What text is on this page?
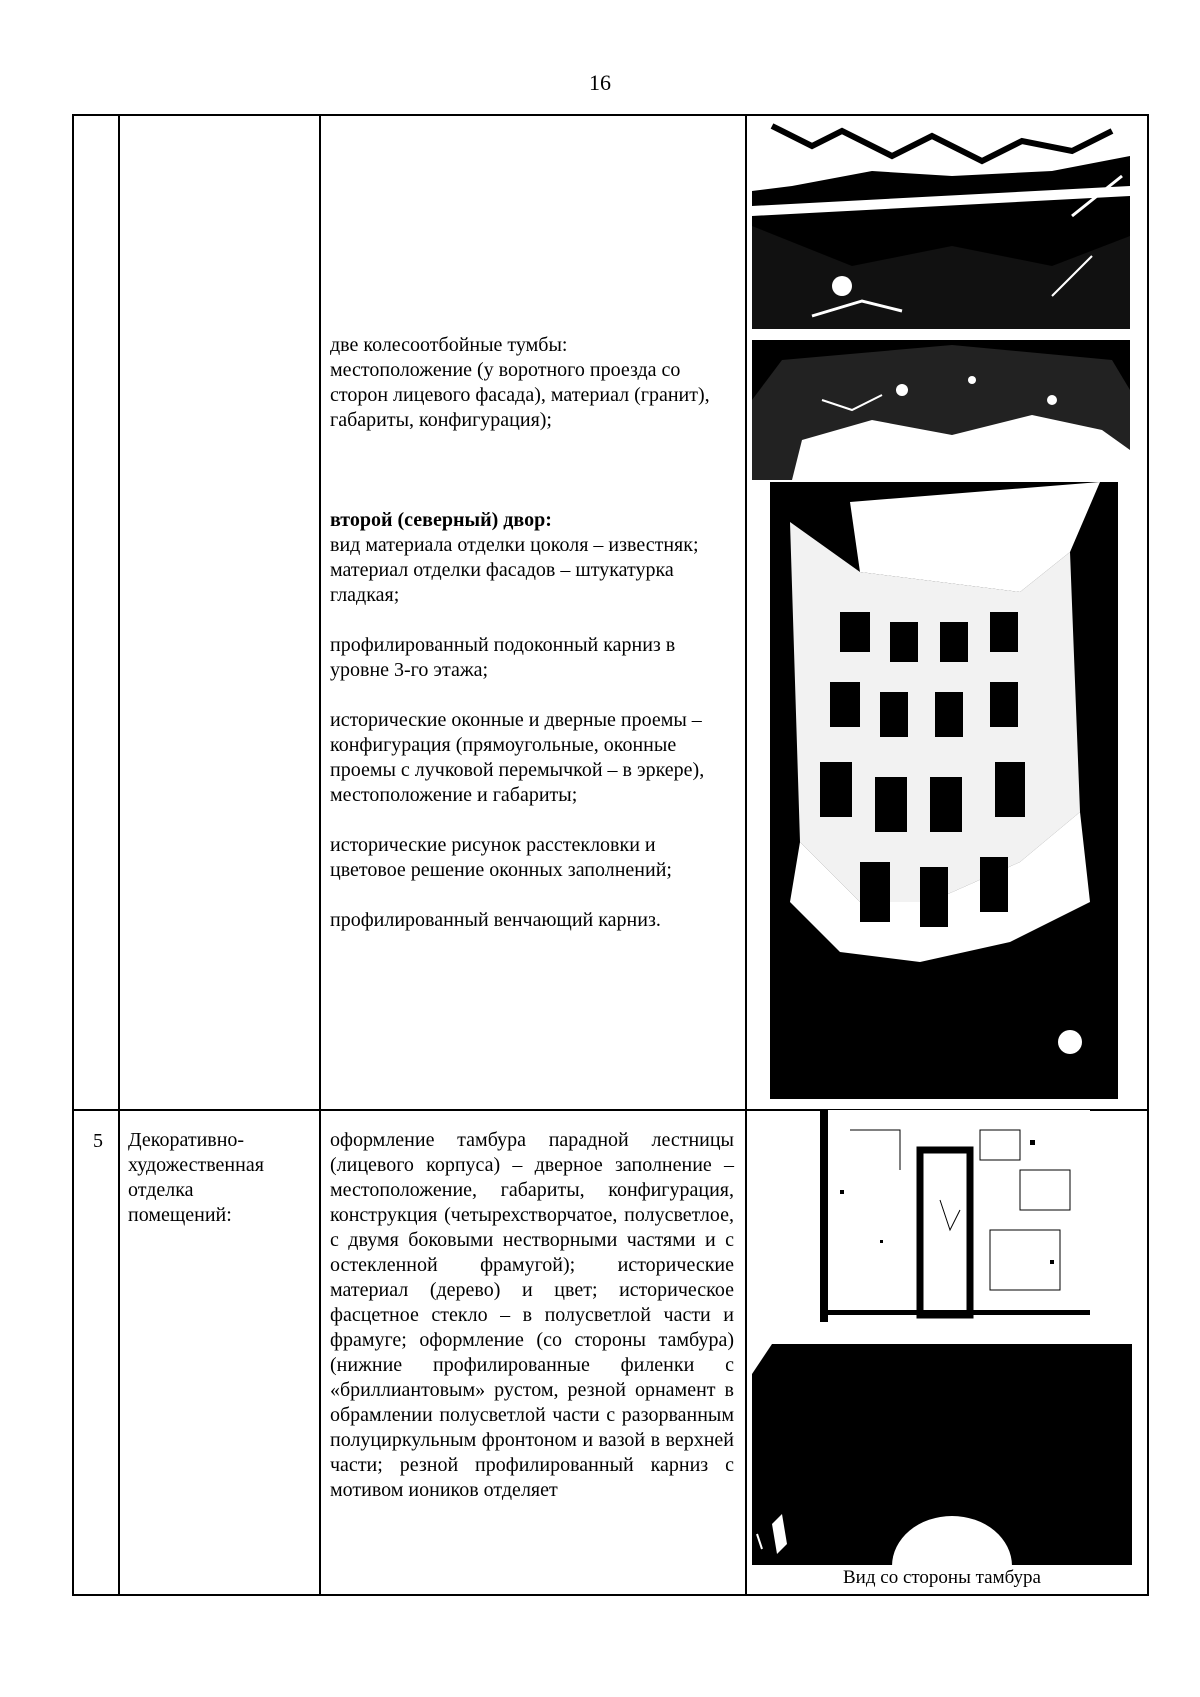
16

две колесоотбойные тумбы:
местоположение (у воротного проезда со сторон лицевого фасада), материал (гранит), габариты, конфигурация);

второй (северный) двор:

вид материала отделки цоколя – известняк;
материал отделки фасадов – штукатурка гладкая;

профилированный подоконный карниз в уровне 3-го этажа;

исторические оконные и дверные проемы – конфигурация (прямоугольные, оконные проемы с лучковой перемычкой – в эркере), местоположение и габариты;

исторические рисунок расстекловки и цветовое решение оконных заполнений;

профилированный венчающий карниз.

5	Декоративно-
художественная
отделка
помещений:
оформление тамбура парадной лестницы (лицевого корпуса) – дверное заполнение – местоположение, габариты, конфигурация, конструкция (четырехстворчатое, полусветлое, с двумя боковыми нестворными частями и с остекленной фрамугой); исторические материал (дерево) и цвет; историческое фасцетное стекло – в полусветлой части и фрамуге; оформление (со стороны тамбура) (нижние профилированные филенки с «бриллиантовым» рустом, резной орнамент в обрамлении полусветлой части с разорванным полуциркульным фронтоном и вазой в верхней части; резной профилированный карниз с мотивом иоников отделяет
Вид со стороны тамбура
